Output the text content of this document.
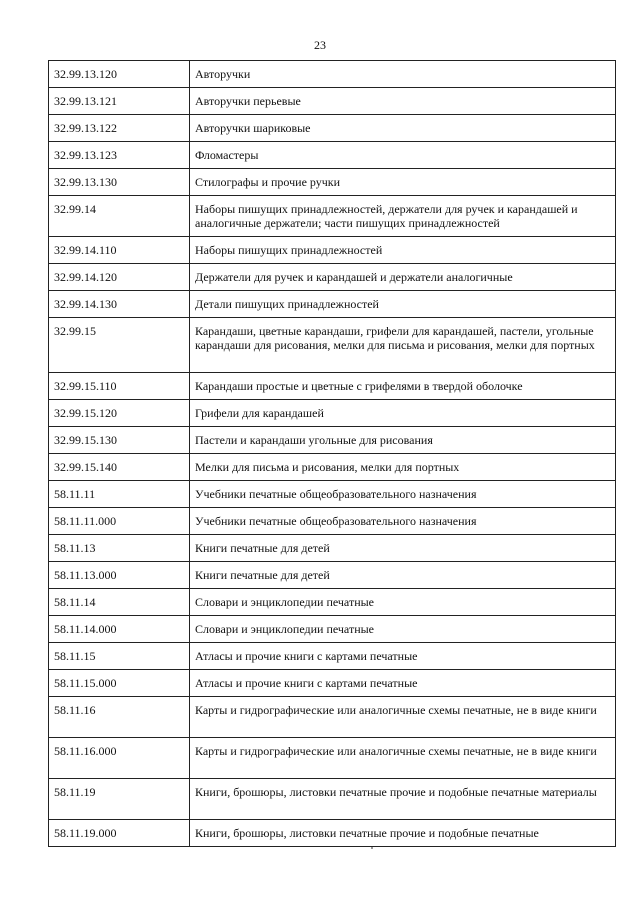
23
32.99.13.120	Авторучки
32.99.13.121	Авторучки перьевые
32.99.13.122	Авторучки шариковые
32.99.13.123	Фломастеры
32.99.13.130	Стилографы и прочие ручки
32.99.14	Наборы пишущих принадлежностей, держатели для ручек и карандашей и аналогичные держатели; части пишущих принадлежностей
32.99.14.110	Наборы пишущих принадлежностей
32.99.14.120	Держатели для ручек и карандашей и держатели аналогичные
32.99.14.130	Детали пишущих принадлежностей
32.99.15	Карандаши, цветные карандаши, грифели для карандашей, пастели, угольные карандаши для рисования, мелки для письма и рисования, мелки для портных
32.99.15.110	Карандаши простые и цветные с грифелями в твердой оболочке
32.99.15.120	Грифели для карандашей
32.99.15.130	Пастели и карандаши угольные для рисования
32.99.15.140	Мелки для письма и рисования, мелки для портных
58.11.11	Учебники печатные общеобразовательного назначения
58.11.11.000	Учебники печатные общеобразовательного назначения
58.11.13	Книги печатные для детей
58.11.13.000	Книги печатные для детей
58.11.14	Словари и энциклопедии печатные
58.11.14.000	Словари и энциклопедии печатные
58.11.15	Атласы и прочие книги с картами печатные
58.11.15.000	Атласы и прочие книги с картами печатные
58.11.16	Карты и гидрографические или аналогичные схемы печатные, не в виде книги
58.11.16.000	Карты и гидрографические или аналогичные схемы печатные, не в виде книги
58.11.19	Книги, брошюры, листовки печатные прочие и подобные печатные материалы
58.11.19.000	Книги, брошюры, листовки печатные прочие и подобные печатные
